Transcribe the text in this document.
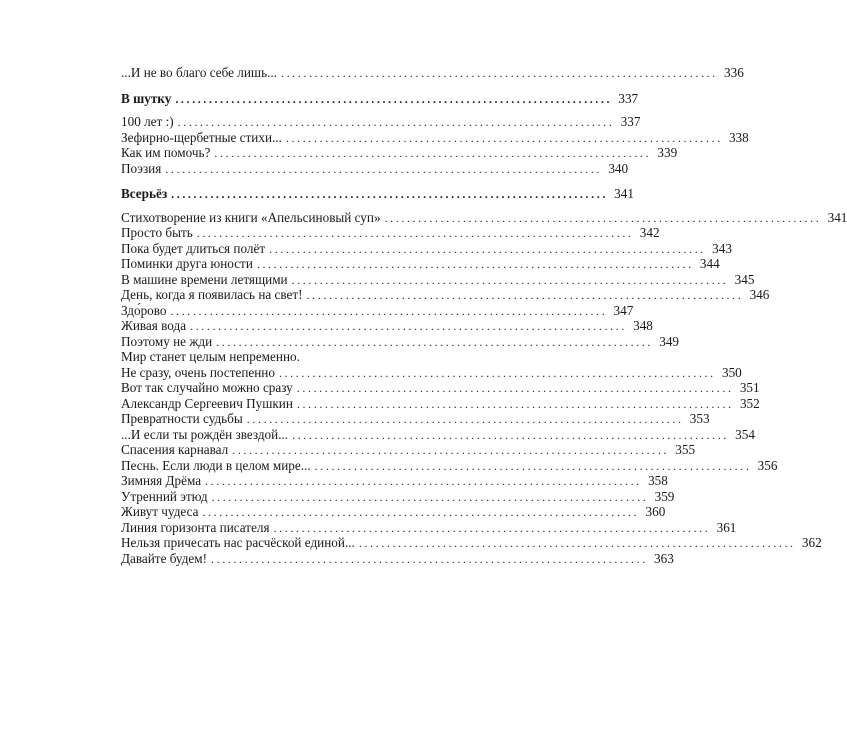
...И не во благо себе лишь... .............................................................................. 336
В шутку .............................................................................. 337
100 лет :) .............................................................................. 337
Зефирно-щербетные стихи... .............................................................................. 338
Как им помочь? .............................................................................. 339
Поэзия .............................................................................. 340
Всерьёз .............................................................................. 341
Стихотворение из книги «Апельсиновый суп» .............................................................................. 341
Просто быть .............................................................................. 342
Пока будет длиться полёт .............................................................................. 343
Поминки друга юности .............................................................................. 344
В машине времени летящими .............................................................................. 345
День, когда я появилась на свет! .............................................................................. 346
Здо́рово .............................................................................. 347
Живая вода .............................................................................. 348
Поэтому не жди .............................................................................. 349
Мир станет целым непременно.
Не сразу, очень постепенно .............................................................................. 350
Вот так случайно можно сразу .............................................................................. 351
Александр Сергеевич Пушкин .............................................................................. 352
Превратности судьбы .............................................................................. 353
...И если ты рождён звездой... .............................................................................. 354
Спасения карнавал .............................................................................. 355
Песнь. Если люди в целом мире... .............................................................................. 356
Зимняя Дрёма .............................................................................. 358
Утренний этюд .............................................................................. 359
Живут чудеса .............................................................................. 360
Линия горизонта писателя .............................................................................. 361
Нельзя причесать нас расчёской единой... .............................................................................. 362
Давайте будем! .............................................................................. 363
